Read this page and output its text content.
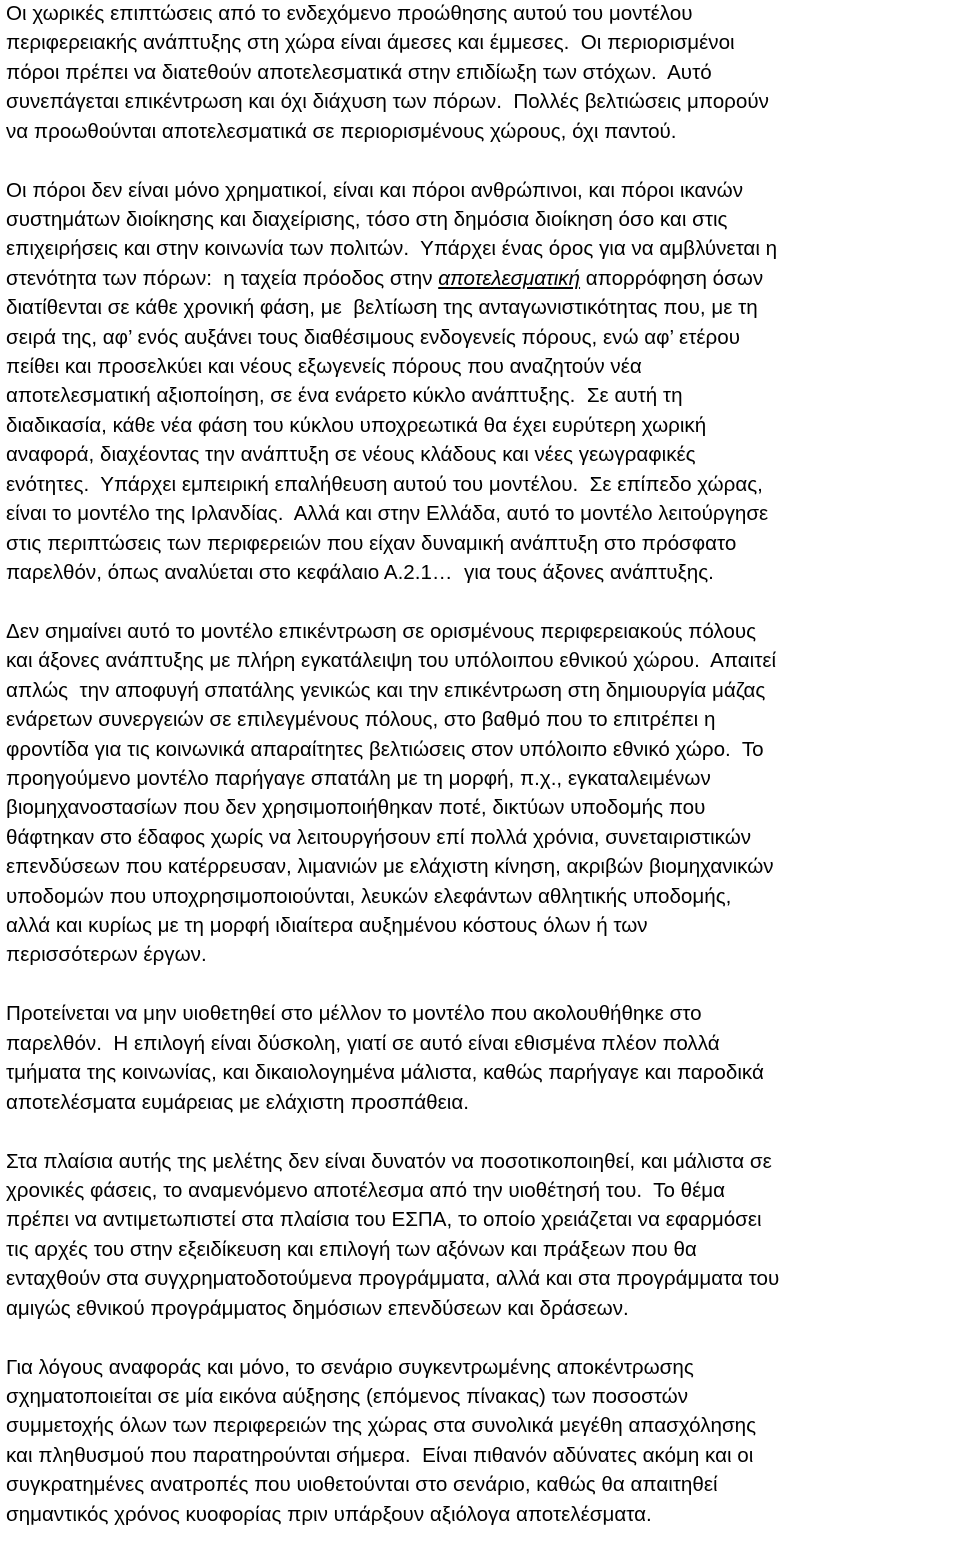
Οι χωρικές επιπτώσεις από το ενδεχόμενο προώθησης αυτού του μοντέλου
περιφερειακής ανάπτυξης στη χώρα είναι άμεσες και έμμεσες.  Οι περιορισμένοι
πόροι πρέπει να διατεθούν αποτελεσματικά στην επιδίωξη των στόχων.  Αυτό
συνεπάγεται επικέντρωση και όχι διάχυση των πόρων.  Πολλές βελτιώσεις μπορούν
να προωθούνται αποτελεσματικά σε περιορισμένους χώρους, όχι παντού.
Οι πόροι δεν είναι μόνο χρηματικοί, είναι και πόροι ανθρώπινοι, και πόροι ικανών
συστημάτων διοίκησης και διαχείρισης, τόσο στη δημόσια διοίκηση όσο και στις
επιχειρήσεις και στην κοινωνία των πολιτών.  Υπάρχει ένας όρος για να αμβλύνεται η
στενότητα των πόρων:  η ταχεία πρόοδος στην αποτελεσματική απορρόφηση όσων
διατίθενται σε κάθε χρονική φάση, με  βελτίωση της ανταγωνιστικότητας που, με τη
σειρά της, αφ’ ενός αυξάνει τους διαθέσιμους ενδογενείς πόρους, ενώ αφ’ ετέρου
πείθει και προσελκύει και νέους εξωγενείς πόρους που αναζητούν νέα
αποτελεσματική αξιοποίηση, σε ένα ενάρετο κύκλο ανάπτυξης.  Σε αυτή τη
διαδικασία, κάθε νέα φάση του κύκλου υποχρεωτικά θα έχει ευρύτερη χωρική
αναφορά, διαχέοντας την ανάπτυξη σε νέους κλάδους και νέες γεωγραφικές
ενότητες.  Υπάρχει εμπειρική επαλήθευση αυτού του μοντέλου.  Σε επίπεδο χώρας,
είναι το μοντέλο της Ιρλανδίας.  Αλλά και στην Ελλάδα, αυτό το μοντέλο λειτούργησε
στις περιπτώσεις των περιφερειών που είχαν δυναμική ανάπτυξη στο πρόσφατο
παρελθόν, όπως αναλύεται στο κεφάλαιο Α.2.1…  για τους άξονες ανάπτυξης.
Δεν σημαίνει αυτό το μοντέλο επικέντρωση σε ορισμένους περιφερειακούς πόλους
και άξονες ανάπτυξης με πλήρη εγκατάλειψη του υπόλοιπου εθνικού χώρου.  Απαιτεί
απλώς  την αποφυγή σπατάλης γενικώς και την επικέντρωση στη δημιουργία μάζας
ενάρετων συνεργειών σε επιλεγμένους πόλους, στο βαθμό που το επιτρέπει η
φροντίδα για τις κοινωνικά απαραίτητες βελτιώσεις στον υπόλοιπο εθνικό χώρο.  Το
προηγούμενο μοντέλο παρήγαγε σπατάλη με τη μορφή, π.χ., εγκαταλειμένων
βιομηχανοστασίων που δεν χρησιμοποιήθηκαν ποτέ, δικτύων υποδομής που
θάφτηκαν στο έδαφος χωρίς να λειτουργήσουν επί πολλά χρόνια, συνεταιριστικών
επενδύσεων που κατέρρευσαν, λιμανιών με ελάχιστη κίνηση, ακριβών βιομηχανικών
υποδομών που υποχρησιμοποιούνται, λευκών ελεφάντων αθλητικής υποδομής,
αλλά και κυρίως με τη μορφή ιδιαίτερα αυξημένου κόστους όλων ή των
περισσότερων έργων.
Προτείνεται να μην υιοθετηθεί στο μέλλον το μοντέλο που ακολουθήθηκε στο
παρελθόν.  Η επιλογή είναι δύσκολη, γιατί σε αυτό είναι εθισμένα πλέον πολλά
τμήματα της κοινωνίας, και δικαιολογημένα μάλιστα, καθώς παρήγαγε και παροδικά
αποτελέσματα ευμάρειας με ελάχιστη προσπάθεια.
Στα πλαίσια αυτής της μελέτης δεν είναι δυνατόν να ποσοτικοποιηθεί, και μάλιστα σε
χρονικές φάσεις, το αναμενόμενο αποτέλεσμα από την υιοθέτησή του.  Το θέμα
πρέπει να αντιμετωπιστεί στα πλαίσια του ΕΣΠΑ, το οποίο χρειάζεται να εφαρμόσει
τις αρχές του στην εξειδίκευση και επιλογή των αξόνων και πράξεων που θα
ενταχθούν στα συγχρηματοδοτούμενα προγράμματα, αλλά και στα προγράμματα του
αμιγώς εθνικού προγράμματος δημόσιων επενδύσεων και δράσεων.
Για λόγους αναφοράς και μόνο, το σενάριο συγκεντρωμένης αποκέντρωσης
σχηματοποιείται σε μία εικόνα αύξησης (επόμενος πίνακας) των ποσοστών
συμμετοχής όλων των περιφερειών της χώρας στα συνολικά μεγέθη απασχόλησης
και πληθυσμού που παρατηρούνται σήμερα.  Είναι πιθανόν αδύνατες ακόμη και οι
συγκρατημένες ανατροπές που υιοθετούνται στο σενάριο, καθώς θα απαιτηθεί
σημαντικός χρόνος κυοφορίας πριν υπάρξουν αξιόλογα αποτελέσματα.
